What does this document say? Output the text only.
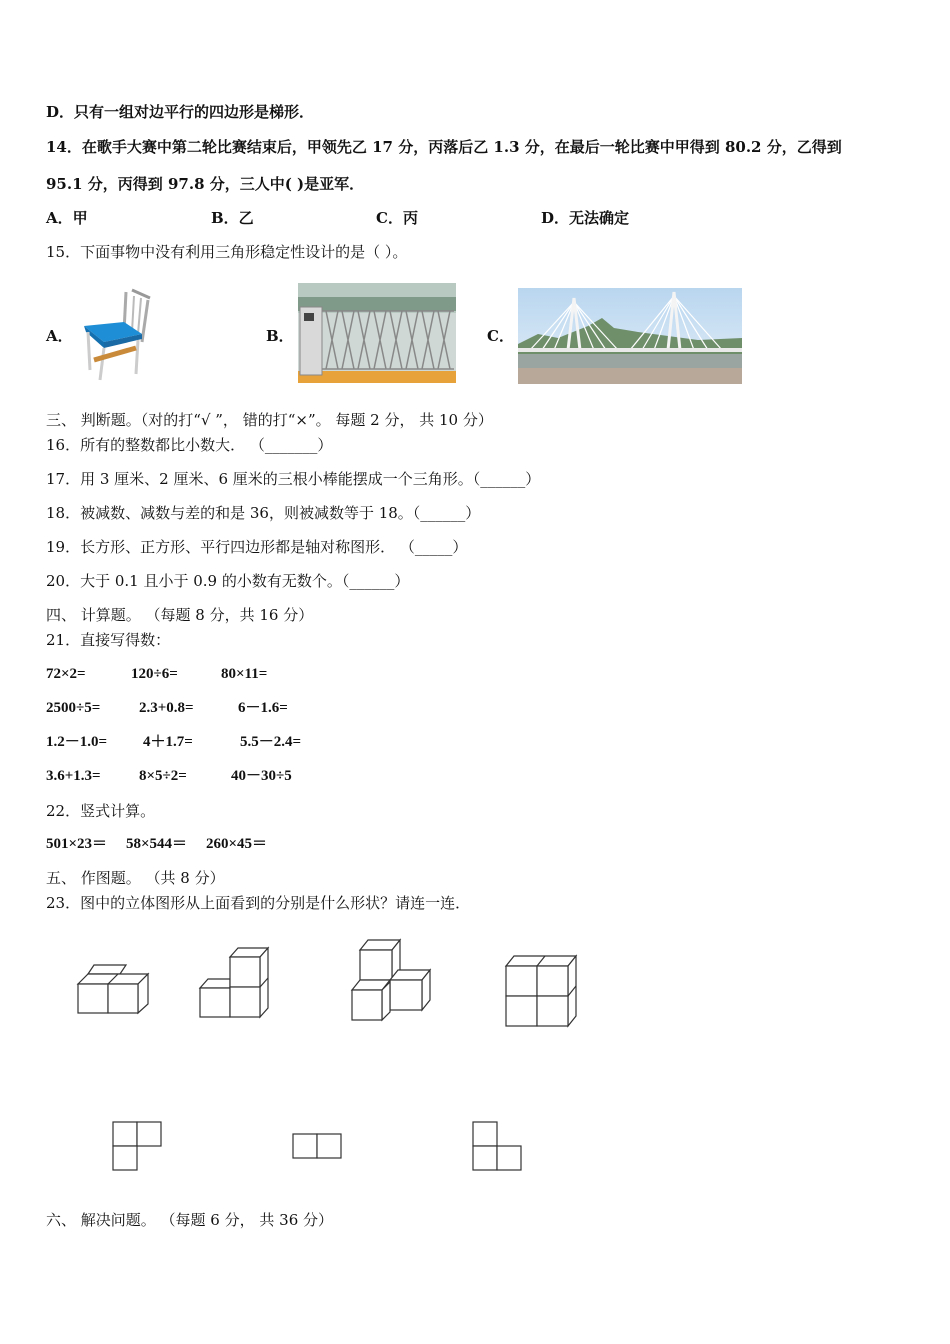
D．只有一组对边平行的四边形是梯形．
14．在歌手大赛中第二轮比赛结束后，甲领先乙 17 分，丙落后乙 1.3 分，在最后一轮比赛中甲得到 80.2 分，乙得到
95.1 分，丙得到 97.8 分，三人中( )是亚军．
A．甲	B．乙	C．丙	D．无法确定
15．下面事物中没有利用三角形稳定性设计的是（ ）。
A．	B．	C．
三、 判断题。（对的打“√ ”， 错的打“×”。 每题 2 分， 共 10 分）
16．所有的整数都比小数大． （_______）
17．用 3 厘米、2 厘米、6 厘米的三根小棒能摆成一个三角形。（______）
18．被减数、减数与差的和是 36，则被减数等于 18。（______）
19．长方形、正方形、平行四边形都是轴对称图形． （_____）
20．大于 0.1 且小于 0.9 的小数有无数个。（______）
四、 计算题。 （每题 8 分，共 16 分）
21．直接写得数：
72×2=	120÷6=	80×11=
2500÷5=	2.3+0.8=	6－1.6=
1.2－1.0= 4＋1.7=	5.5－2.4=
3.6+1.3=	8×5÷2=	40－30÷5
22．竖式计算。
501×23＝ 58×544＝ 260×45＝
五、 作图题。 （共 8 分）
23．图中的立体图形从上面看到的分别是什么形状？请连一连．
六、 解决问题。 （每题 6 分， 共 36 分）
